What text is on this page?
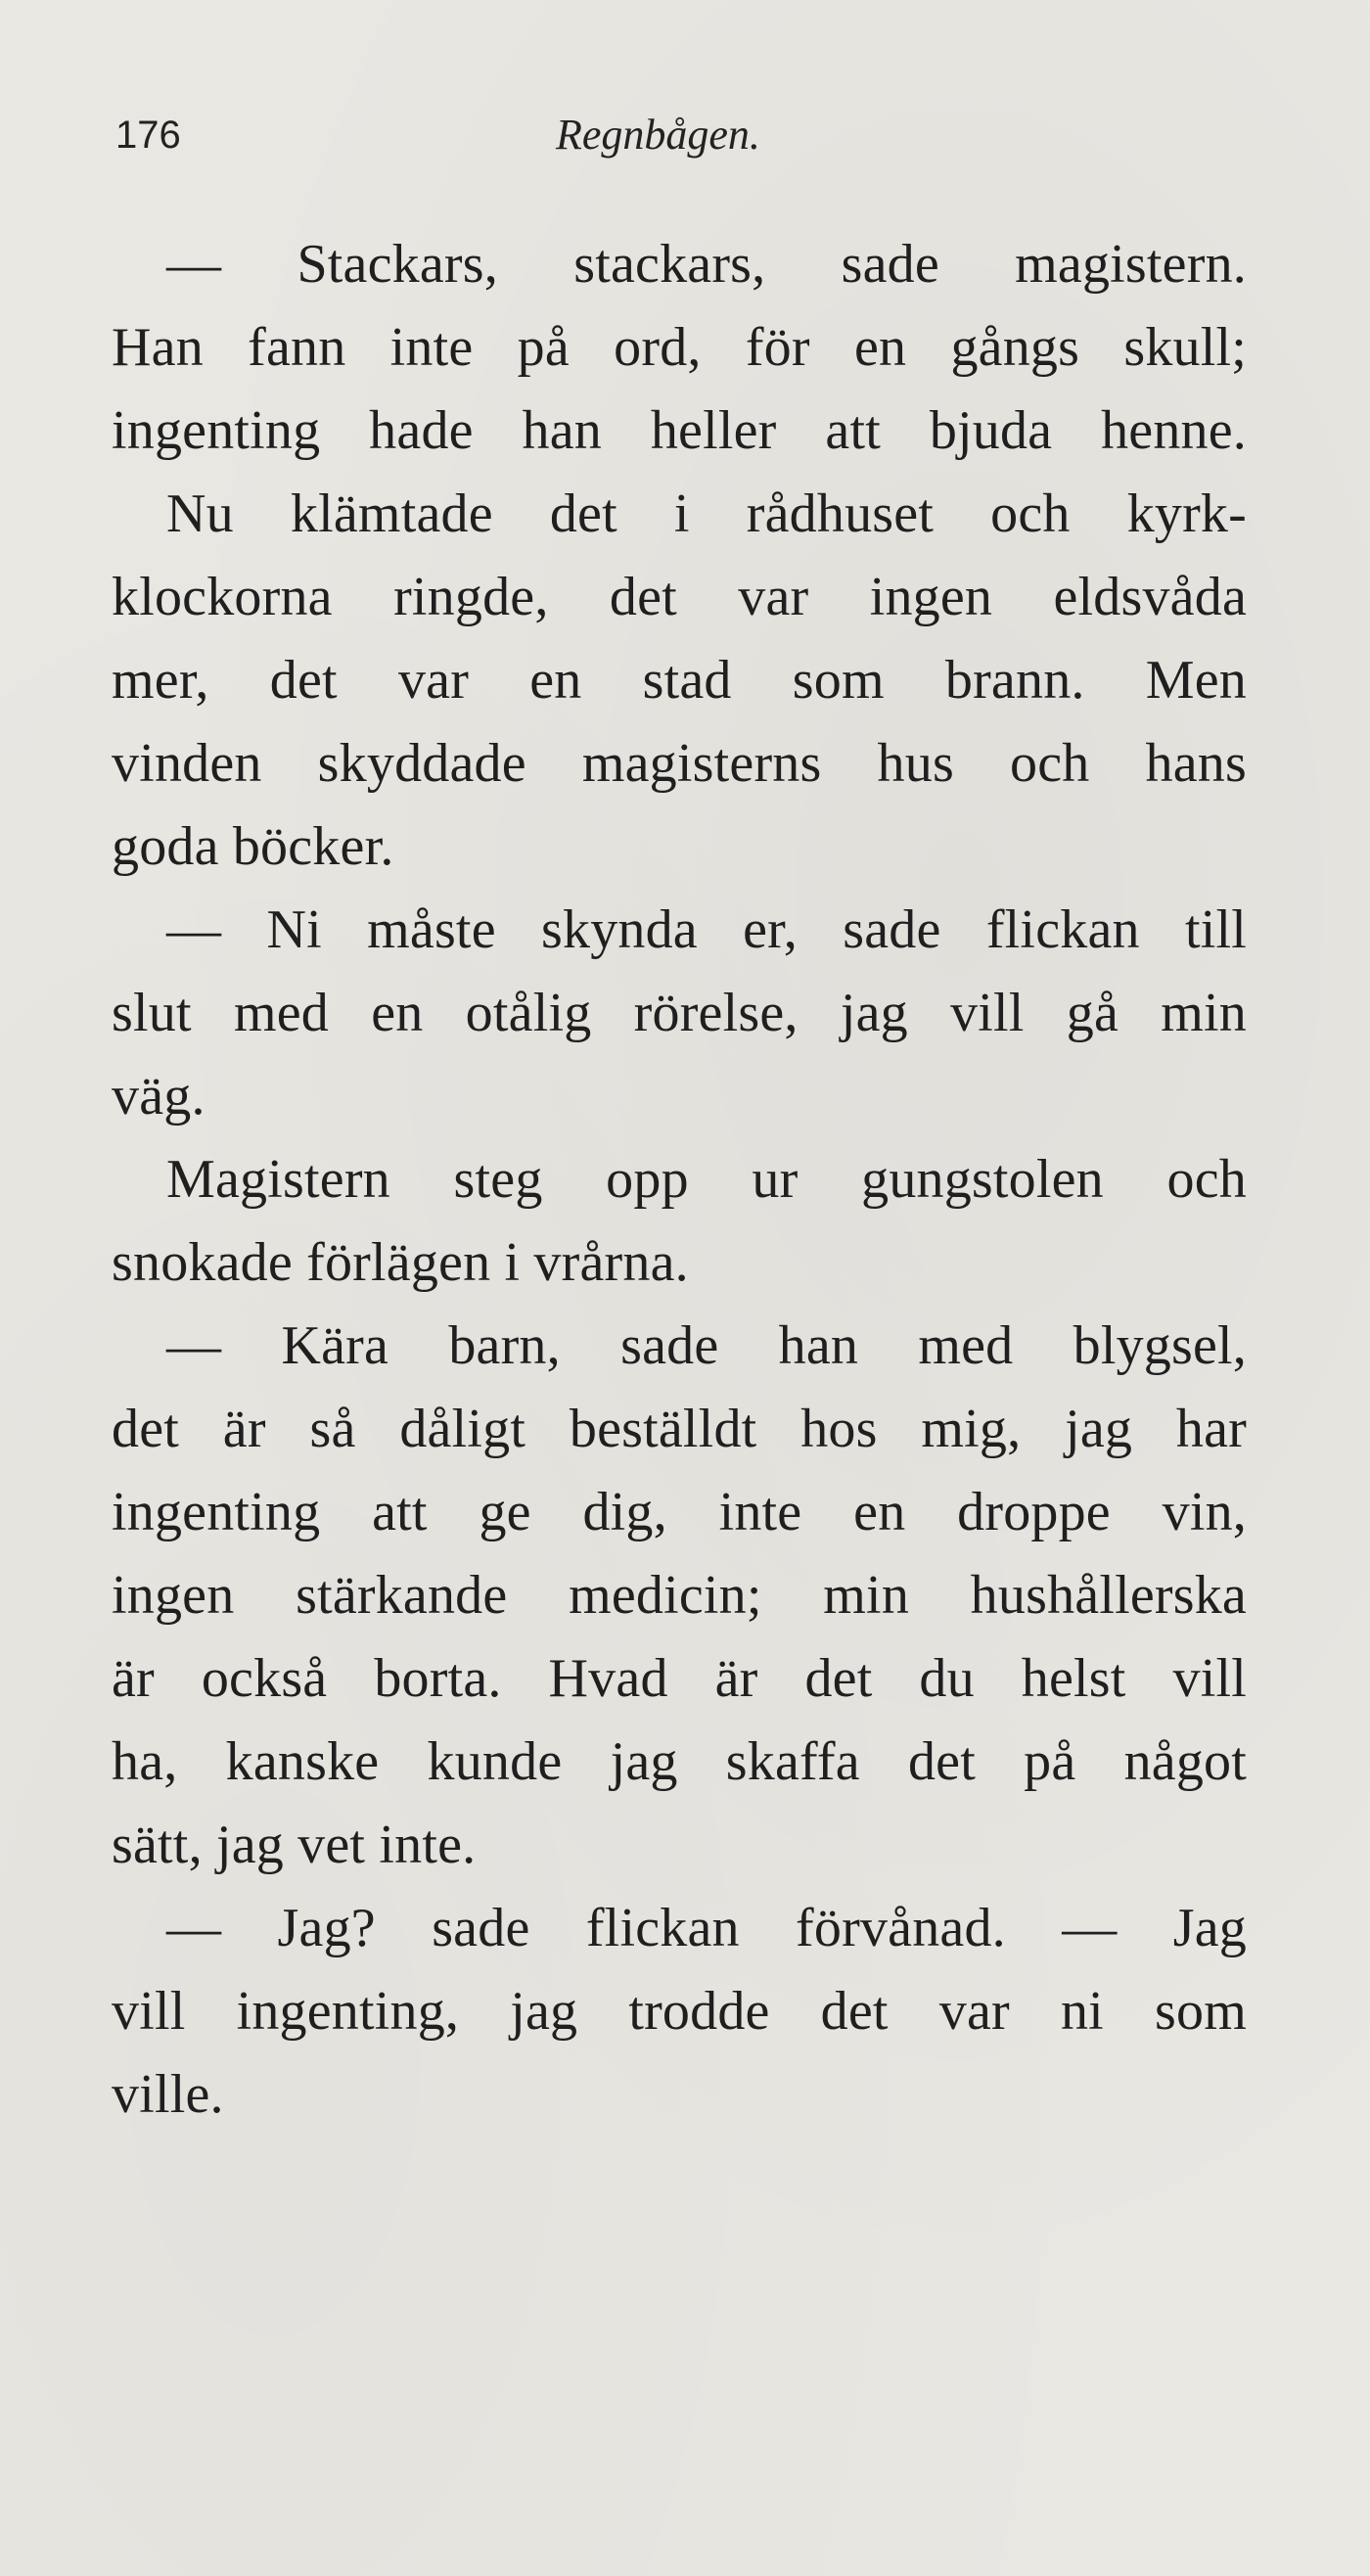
176	Regnbågen.
— Stackars, stackars, sade magistern.
Han fann inte på ord, för en gångs skull;
ingenting hade han heller att bjuda henne.
Nu klämtade det i rådhuset och kyrk-
klockorna ringde, det var ingen eldsvåda
mer, det var en stad som brann. Men
vinden skyddade magisterns hus och hans
goda böcker.
— Ni måste skynda er, sade flickan till
slut med en otålig rörelse, jag vill gå min
väg.
Magistern steg opp ur gungstolen och
snokade förlägen i vrårna.
— Kära barn, sade han med blygsel,
det är så dåligt beställdt hos mig, jag har
ingenting att ge dig, inte en droppe vin,
ingen stärkande medicin; min hushållerska
är också borta. Hvad är det du helst vill
ha, kanske kunde jag skaffa det på något
sätt, jag vet inte.
— Jag? sade flickan förvånad. — Jag
vill ingenting, jag trodde det var ni som
ville.
